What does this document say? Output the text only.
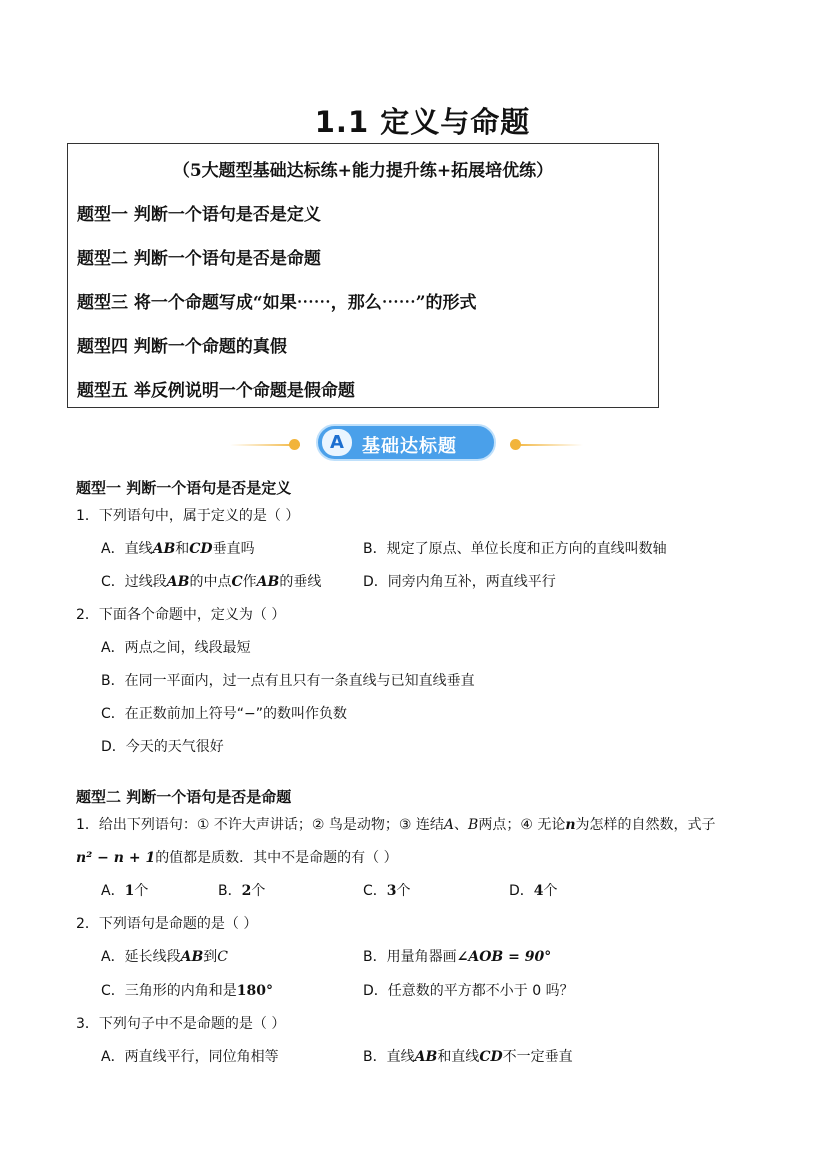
1.1 定义与命题
（5大题型基础达标练+能力提升练+拓展培优练）
题型一 判断一个语句是否是定义
题型二 判断一个语句是否是命题
题型三 将一个命题写成“如果⋯⋯，那么⋯⋯”的形式
题型四 判断一个命题的真假
题型五 举反例说明一个命题是假命题
A	基础达标题
题型一 判断一个语句是否是定义
1．下列语句中，属于定义的是（ ）
A．直线AB和CD垂直吗	B．规定了原点、单位长度和正方向的直线叫数轴
C．过线段AB的中点C作AB的垂线	D．同旁内角互补，两直线平行
2．下面各个命题中，定义为（ ）
A．两点之间，线段最短
B．在同一平面内，过一点有且只有一条直线与已知直线垂直
C．在正数前加上符号“−”的数叫作负数
D．今天的天气很好
题型二 判断一个语句是否是命题
1．给出下列语句：① 不许大声讲话；② 鸟是动物；③ 连结A、B两点；④ 无论n为怎样的自然数，式子
n² − n + 1的值都是质数．其中不是命题的有（ ）
A．1个	B．2个	C．3个	D．4个
2．下列语句是命题的是（ ）
A．延长线段AB到C	B．用量角器画∠AOB = 90°
C．三角形的内角和是180°	D．任意数的平方都不小于 0 吗？
3．下列句子中不是命题的是（ ）
A．两直线平行，同位角相等	B．直线AB和直线CD不一定垂直
